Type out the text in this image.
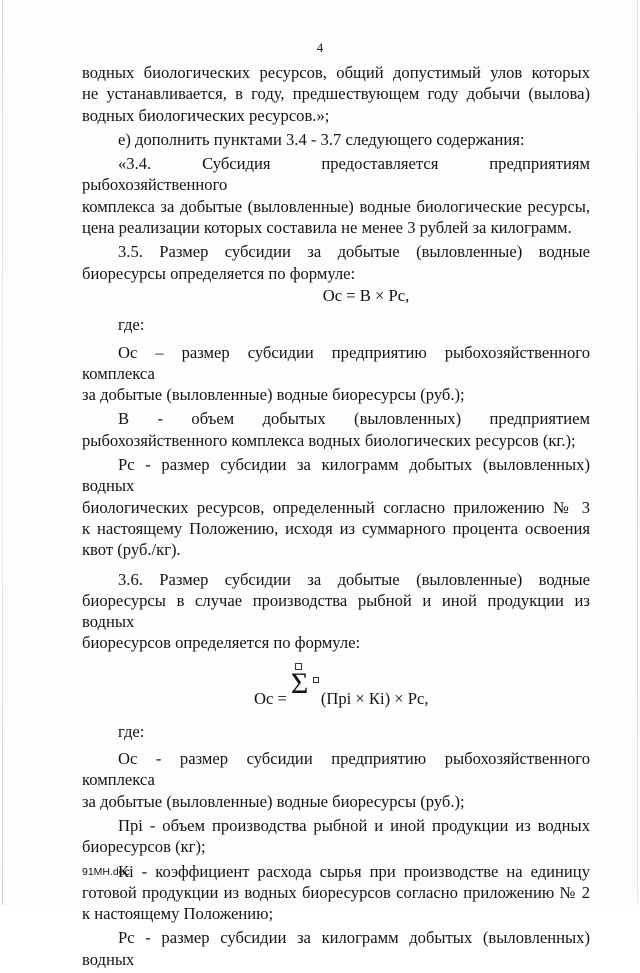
4

водных биологических ресурсов, общий допустимый улов которых

не устанавливается, в году, предшествующем году добычи (вылова)

водных биологических ресурсов.»;

е) дополнить пунктами 3.4 - 3.7 следующего содержания:

«3.4. Субсидия предоставляется предприятиям рыбохозяйственного

комплекса за добытые (выловленные) водные биологические ресурсы,

цена реализации которых составила не менее 3 рублей за килограмм.

3.5. Размер субсидии за добытые (выловленные) водные

биоресурсы определяется по формуле:

Ос = В × Рс,

где:

Ос – размер субсидии предприятию рыбохозяйственного комплекса

за добытые (выловленные) водные биоресурсы (руб.);

В - объем добытых (выловленных) предприятием

рыбохозяйственного комплекса водных биологических ресурсов (кг.);

Рс - размер субсидии за килограмм добытых (выловленных) водных

биологических ресурсов, определенный согласно приложению № 3

к настоящему Положению, исходя из суммарного процента освоения

квот (руб./кг).

3.6. Размер субсидии за добытые (выловленные) водные

биоресурсы в случае производства рыбной и иной продукции из водных

биоресурсов определяется по формуле:

Ос = Σ (Прi × Кi) × Рс,

где:

Ос - размер субсидии предприятию рыбохозяйственного комплекса

за добытые (выловленные) водные биоресурсы (руб.);

Прi - объем производства рыбной и иной продукции из водных

биоресурсов (кг);

Кi - коэффициент расхода сырья при производстве на единицу

готовой продукции из водных биоресурсов согласно приложению № 2

к настоящему Положению;

Рс - размер субсидии за килограмм добытых (выловленных) водных

91МН.doc
